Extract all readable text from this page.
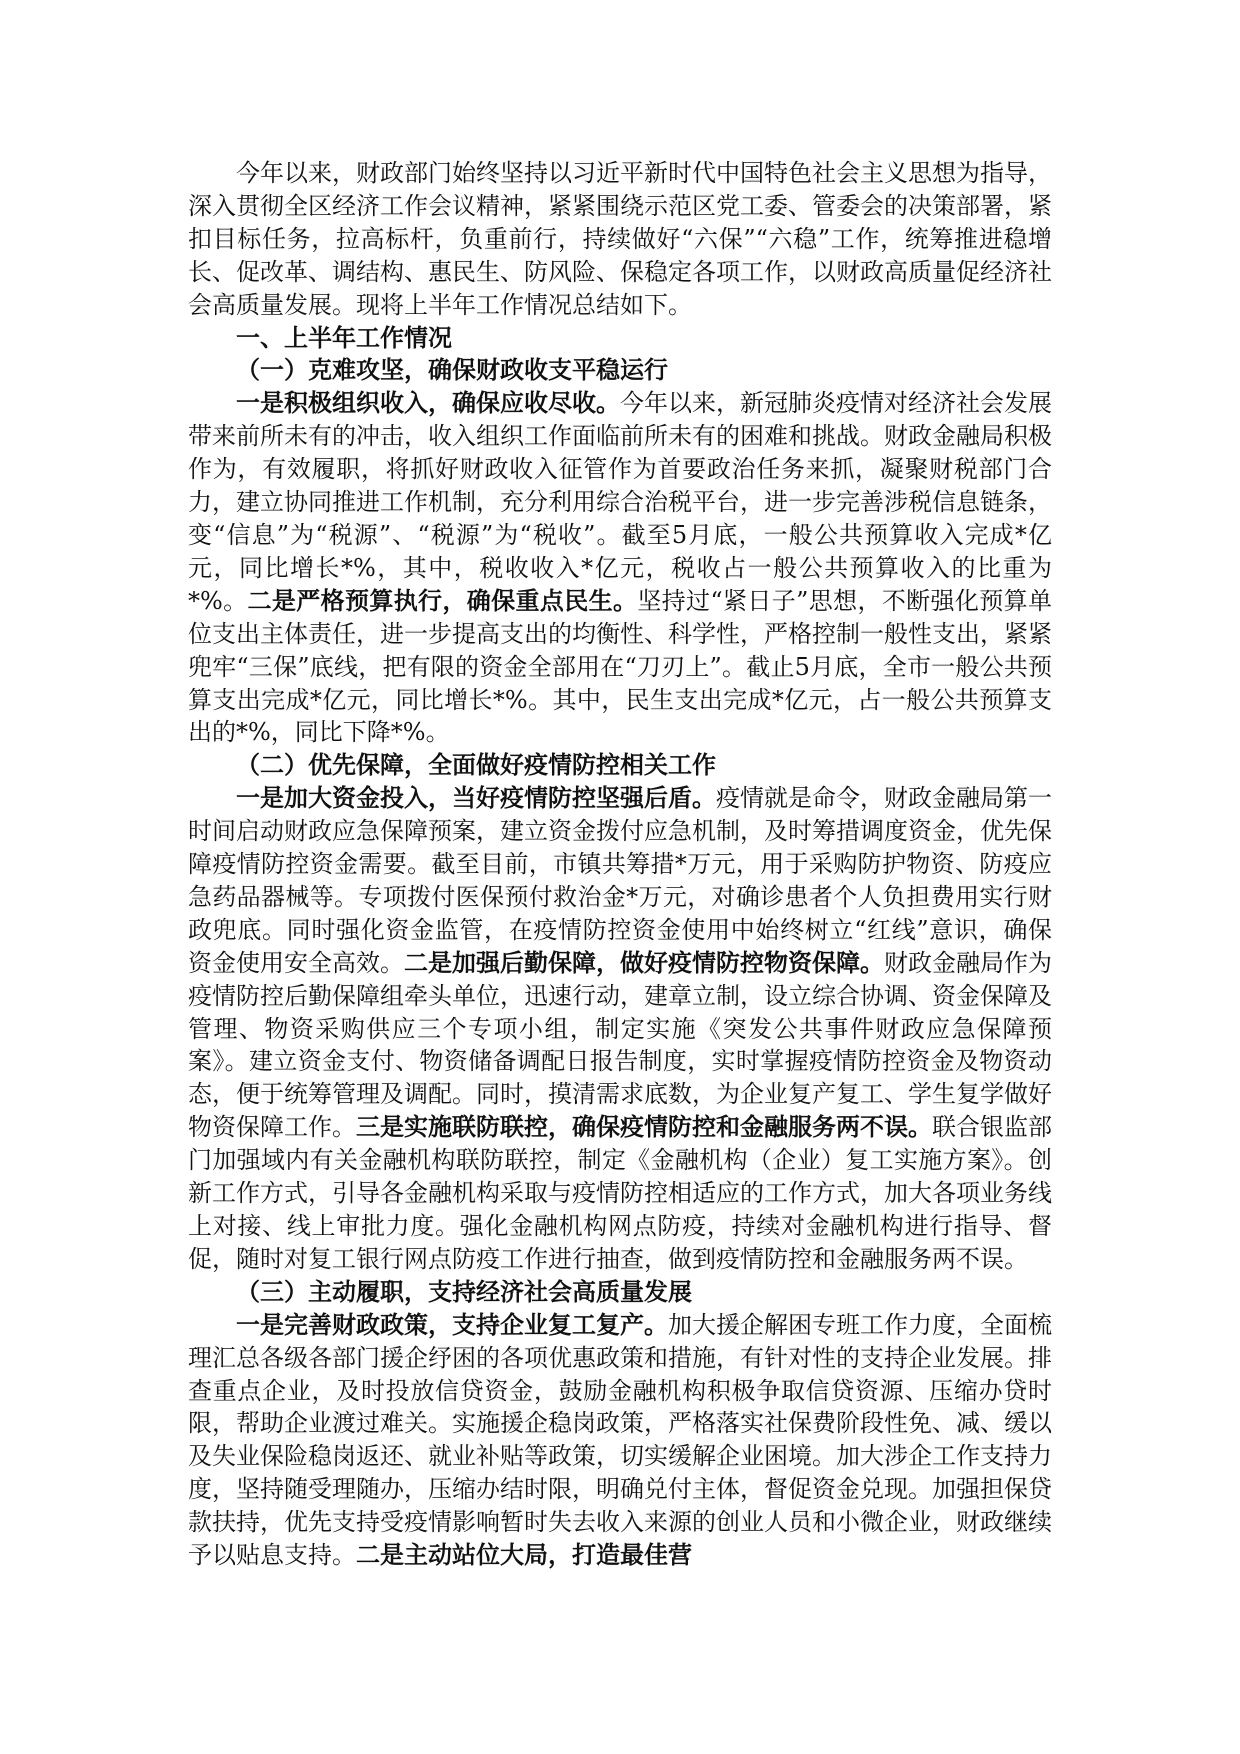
今年以来，财政部门始终坚持以习近平新时代中国特色社会主义思想为指导，深入贯彻全区经济工作会议精神，紧紧围绕示范区党工委、管委会的决策部署，紧扣目标任务，拉高标杆，负重前行，持续做好“六保”“六稳”工作，统筹推进稳增长、促改革、调结构、惠民生、防风险、保稳定各项工作，以财政高质量促经济社会高质量发展。现将上半年工作情况总结如下。

一、上半年工作情况

（一）克难攻坚，确保财政收支平稳运行

一是积极组织收入，确保应收尽收。今年以来，新冠肺炎疫情对经济社会发展带来前所未有的冲击，收入组织工作面临前所未有的困难和挑战。财政金融局积极作为，有效履职，将抓好财政收入征管作为首要政治任务来抓，凝聚财税部门合力，建立协同推进工作机制，充分利用综合治税平台，进一步完善涉税信息链条，变“信息”为“税源”、“税源”为“税收”。截至5月底，一般公共预算收入完成*亿元，同比增长*%，其中，税收收入*亿元，税收占一般公共预算收入的比重为*%。二是严格预算执行，确保重点民生。坚持过“紧日子”思想，不断强化预算单位支出主体责任，进一步提高支出的均衡性、科学性，严格控制一般性支出，紧紧兜牢“三保”底线，把有限的资金全部用在“刀刃上”。截止5月底，全市一般公共预算支出完成*亿元，同比增长*%。其中，民生支出完成*亿元，占一般公共预算支出的*%，同比下降*%。

（二）优先保障，全面做好疫情防控相关工作

一是加大资金投入，当好疫情防控坚强后盾。疫情就是命令，财政金融局第一时间启动财政应急保障预案，建立资金拨付应急机制，及时筹措调度资金，优先保障疫情防控资金需要。截至目前，市镇共筹措*万元，用于采购防护物资、防疫应急药品器械等。专项拨付医保预付救治金*万元，对确诊患者个人负担费用实行财政兜底。同时强化资金监管，在疫情防控资金使用中始终树立“红线”意识，确保资金使用安全高效。二是加强后勤保障，做好疫情防控物资保障。财政金融局作为疫情防控后勤保障组牵头单位，迅速行动，建章立制，设立综合协调、资金保障及管理、物资采购供应三个专项小组，制定实施《突发公共事件财政应急保障预案》。建立资金支付、物资储备调配日报告制度，实时掌握疫情防控资金及物资动态，便于统筹管理及调配。同时，摸清需求底数，为企业复产复工、学生复学做好物资保障工作。三是实施联防联控，确保疫情防控和金融服务两不误。联合银监部门加强域内有关金融机构联防联控，制定《金融机构（企业）复工实施方案》。创新工作方式，引导各金融机构采取与疫情防控相适应的工作方式，加大各项业务线上对接、线上审批力度。强化金融机构网点防疫，持续对金融机构进行指导、督促，随时对复工银行网点防疫工作进行抽查，做到疫情防控和金融服务两不误。

（三）主动履职，支持经济社会高质量发展

一是完善财政政策，支持企业复工复产。加大援企解困专班工作力度，全面梳理汇总各级各部门援企纾困的各项优惠政策和措施，有针对性的支持企业发展。排查重点企业，及时投放信贷资金，鼓励金融机构积极争取信贷资源、压缩办贷时限，帮助企业渡过难关。实施援企稳岗政策，严格落实社保费阶段性免、减、缓以及失业保险稳岗返还、就业补贴等政策，切实缓解企业困境。加大涉企工作支持力度，坚持随受理随办，压缩办结时限，明确兑付主体，督促资金兑现。加强担保贷款扶持，优先支持受疫情影响暂时失去收入来源的创业人员和小微企业，财政继续予以贴息支持。二是主动站位大局，打造最佳营
